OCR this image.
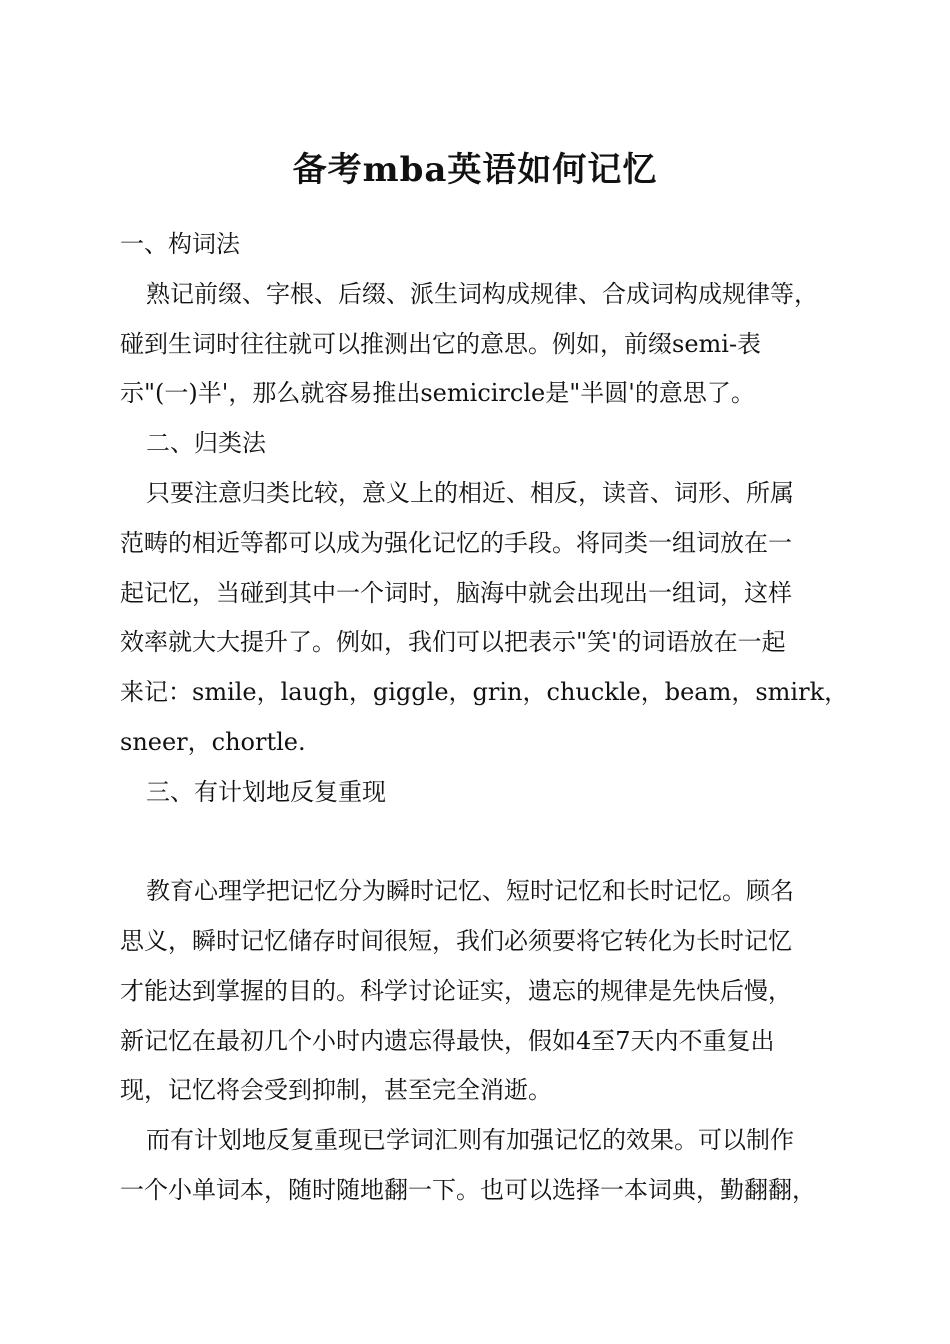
备考mba英语如何记忆
一、构词法
熟记前缀、字根、后缀、派生词构成规律、合成词构成规律等，
碰到生词时往往就可以推测出它的意思。例如，前缀semi-表
示"(一)半'，那么就容易推出semicircle是"半圆'的意思了。
二、归类法
只要注意归类比较，意义上的相近、相反，读音、词形、所属
范畴的相近等都可以成为强化记忆的手段。将同类一组词放在一
起记忆，当碰到其中一个词时，脑海中就会出现出一组词，这样
效率就大大提升了。例如，我们可以把表示"笑'的词语放在一起
来记：smile，laugh，giggle，grin，chuckle，beam，smirk，
sneer，chortle.
三、有计划地反复重现
教育心理学把记忆分为瞬时记忆、短时记忆和长时记忆。顾名
思义，瞬时记忆储存时间很短，我们必须要将它转化为长时记忆
才能达到掌握的目的。科学讨论证实，遗忘的规律是先快后慢，
新记忆在最初几个小时内遗忘得最快，假如4至7天内不重复出
现，记忆将会受到抑制，甚至完全消逝。
而有计划地反复重现已学词汇则有加强记忆的效果。可以制作
一个小单词本，随时随地翻一下。也可以选择一本词典，勤翻翻，
